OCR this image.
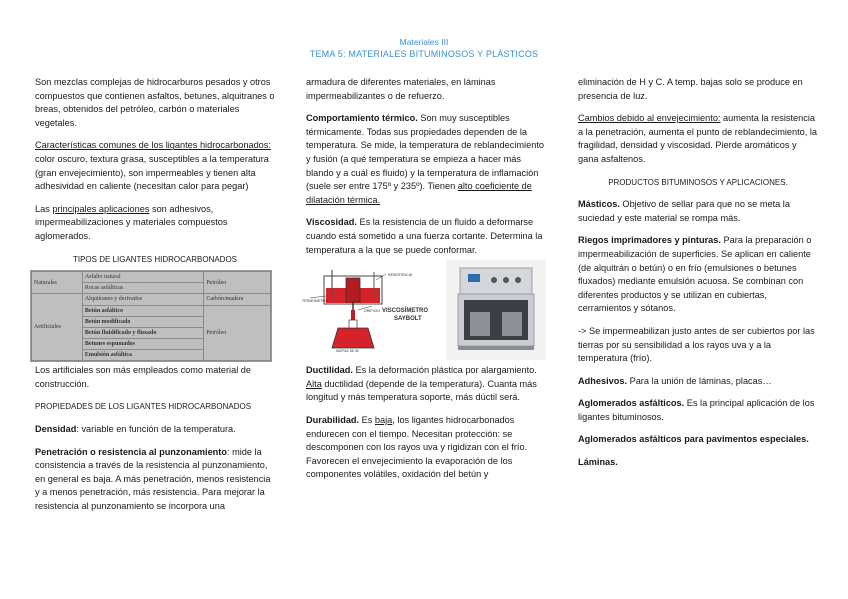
Materiales III
TEMA 5: MATERIALES BITUMINOSOS Y PLÁSTICOS

Son mezclas complejas de hidrocarburos pesados y otros compuestos que contienen asfaltos, betunes, alquitranes o breas, obtenidos del petróleo, carbón o materiales vegetales.

Características comunes de los ligantes hidrocarbonados: color oscuro, textura grasa, susceptibles a la temperatura (gran envejecimiento), son impermeables y tienen alta adhesividad en caliente (necesitan calor para pegar)

Las principales aplicaciones son adhesivos, impermeabilizaciones y materiales compuestos aglomerados.

TIPOS DE LIGANTES HIDROCARBONADOS
Naturales	Asfalto natural	Petróleo
	Rocas asfálticas	
Artificiales	Alquitranes y derivados	Carbón/madera
	Betún asfáltico	Petróleo
	Betún modificado	
	Betún fluidificado y fluxado	
	Betunes espumados	
	Emulsión asfáltica	

Los artificiales son más empleados como material de construcción.

PROPIEDADES DE LOS LIGANTES HIDROCARBONADOS

Densidad: variable en función de la temperatura.

Penetración o resistencia al punzonamiento: mide la consistencia a través de la resistencia al punzonamiento, en general es baja. A más penetración, menos resistencia y a menos penetración, más resistencia. Para mejorar la resistencia al punzonamiento se incorpora una

armadura de diferentes materiales, en láminas impermeabilizantes o de refuerzo.

Comportamiento térmico. Son muy susceptibles térmicamente. Todas sus propiedades dependen de la temperatura. Se mide, la temperatura de reblandecimiento y fusión (a qué temperatura se empieza a hacer más blando y a cuál es fluido) y la temperatura de inflamación (suele ser entre 175º y 235º). Tienen alto coeficiente de dilatación térmica.

Viscosidad. Es la resistencia de un fluido a deformarse cuando está sometido a una fuerza cortante. Determina la temperatura a la que se puede conformar.

RESISTENCIA
TERMÓMETRO
ORIFICIO VISCOSÍMETRO
SAYBOLT
MATRAZ DE 60

Ductilidad. Es la deformación plástica por alargamiento. Alta ductilidad (depende de la temperatura). Cuanta más longitud y más temperatura soporte, más dúctil será.

Durabilidad. Es baja, los ligantes hidrocarbonados endurecen con el tiempo. Necesitan protección: se descomponen con los rayos uva y rigidizan con el frío. Favorecen el envejecimiento la evaporación de los componentes volátiles, oxidación del betún y

eliminación de H y C. A temp. bajas solo se produce en presencia de luz.

Cambios debido al envejecimiento: aumenta la resistencia a la penetración, aumenta el punto de reblandecimiento, la fragilidad, densidad y viscosidad. Pierde aromáticos y gana asfaltenos.

PRODUCTOS BITUMINOSOS Y APLICACIONES.

Másticos. Objetivo de sellar para que no se meta la suciedad y este material se rompa más.

Riegos imprimadores y pinturas. Para la preparación o impermeabilización de superficies. Se aplican en caliente (de alquitrán o betún) o en frío (emulsiones o betunes fluxados) mediante emulsión acuosa. Se combinan con diferentes productos y se utilizan en cubiertas, cerramientos y sótanos.

-> Se impermeabilizan justo antes de ser cubiertos por las tierras por su sensibilidad a los rayos uva y a la temperatura (frío).

Adhesivos. Para la unión de láminas, placas…

Aglomerados asfálticos. Es la principal aplicación de los ligantes bituminosos.

Aglomerados asfálticos para pavimentos especiales.

Láminas.
